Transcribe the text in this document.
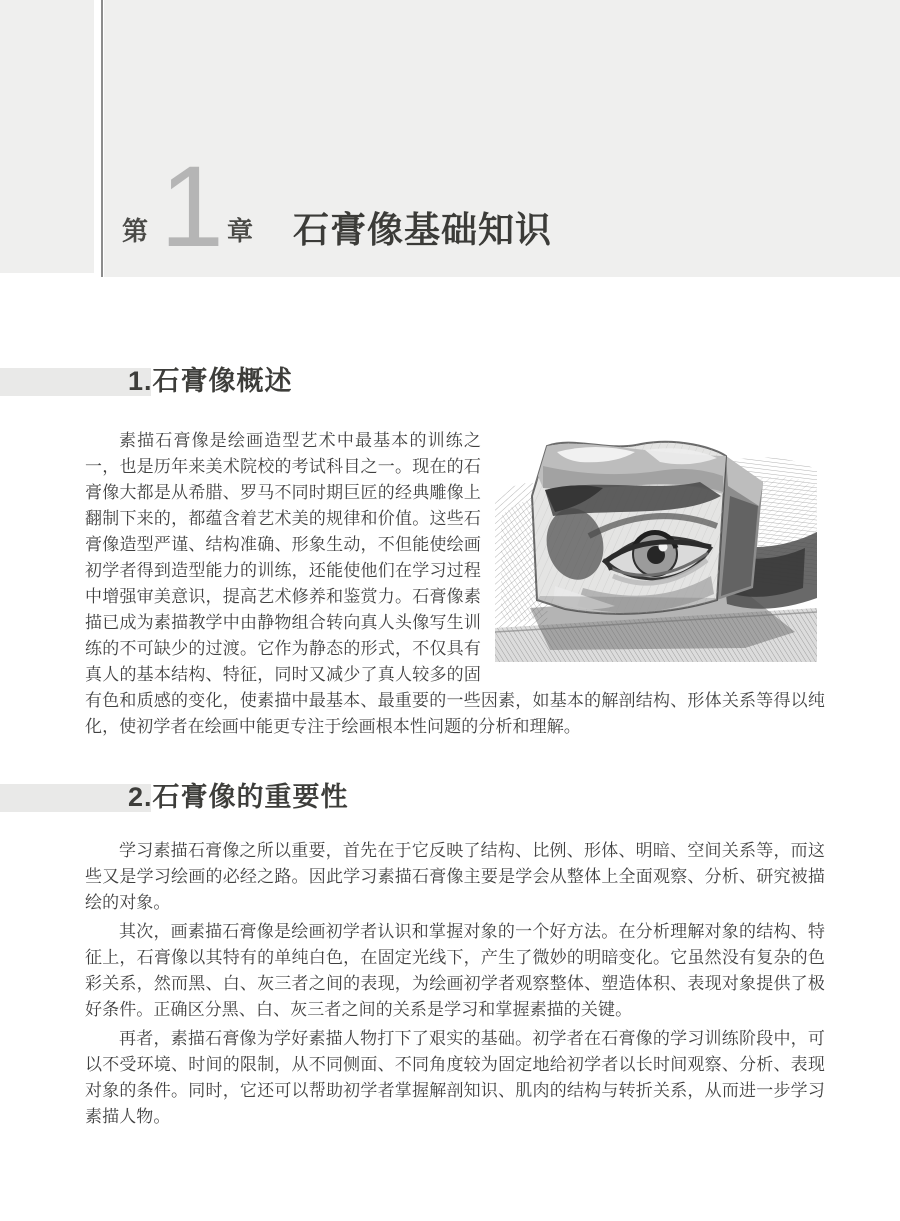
第 1 章 石膏像基础知识
1.石膏像概述

素描石膏像是绘画造型艺术中最基本的训练之一，也是历年来美术院校的考试科目之一。现在的石膏像大都是从希腊、罗马不同时期巨匠的经典雕像上翻制下来的，都蕴含着艺术美的规律和价值。这些石膏像造型严谨、结构准确、形象生动，不但能使绘画初学者得到造型能力的训练，还能使他们在学习过程中增强审美意识，提高艺术修养和鉴赏力。石膏像素描已成为素描教学中由静物组合转向真人头像写生训练的不可缺少的过渡。它作为静态的形式，不仅具有真人的基本结构、特征，同时又减少了真人较多的固有色和质感的变化，使素描中最基本、最重要的一些因素，如基本的解剖结构、形体关系等得以纯化，使初学者在绘画中能更专注于绘画根本性问题的分析和理解。

2.石膏像的重要性

学习素描石膏像之所以重要，首先在于它反映了结构、比例、形体、明暗、空间关系等，而这些又是学习绘画的必经之路。因此学习素描石膏像主要是学会从整体上全面观察、分析、研究被描绘的对象。

其次，画素描石膏像是绘画初学者认识和掌握对象的一个好方法。在分析理解对象的结构、特征上，石膏像以其特有的单纯白色，在固定光线下，产生了微妙的明暗变化。它虽然没有复杂的色彩关系，然而黑、白、灰三者之间的表现，为绘画初学者观察整体、塑造体积、表现对象提供了极好条件。正确区分黑、白、灰三者之间的关系是学习和掌握素描的关键。

再者，素描石膏像为学好素描人物打下了艰实的基础。初学者在石膏像的学习训练阶段中，可以不受环境、时间的限制，从不同侧面、不同角度较为固定地给初学者以长时间观察、分析、表现对象的条件。同时，它还可以帮助初学者掌握解剖知识、肌肉的结构与转折关系，从而进一步学习素描人物。
